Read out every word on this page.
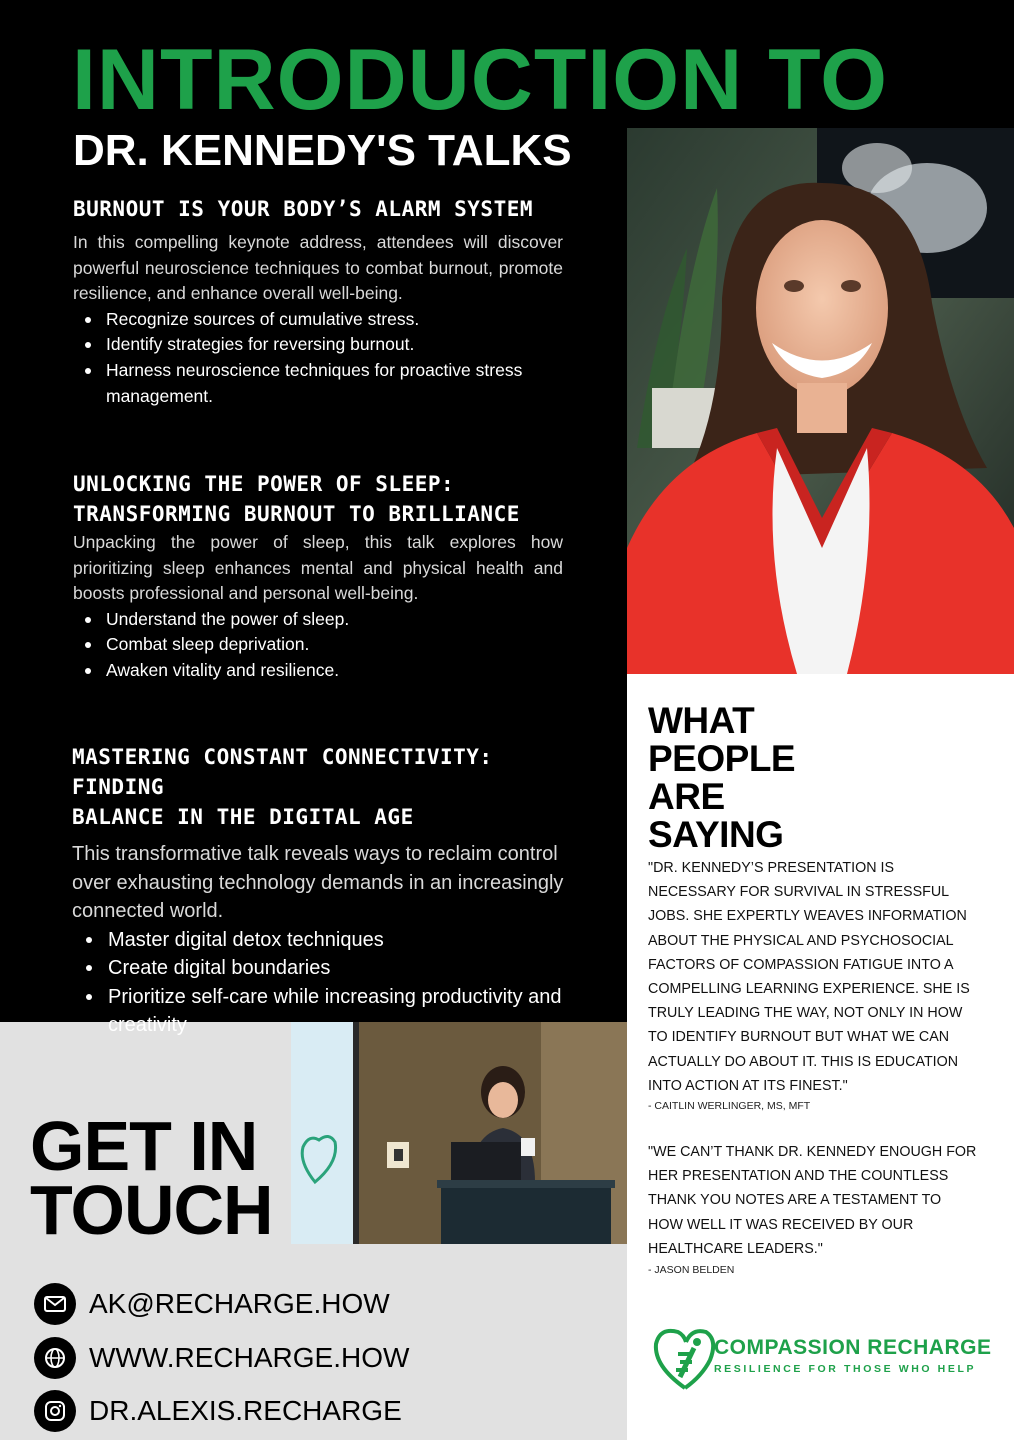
INTRODUCTION TO
DR. KENNEDY'S TALKS

BURNOUT IS YOUR BODY’S ALARM SYSTEM

In this compelling keynote address, attendees will discover powerful neuroscience techniques to combat burnout, promote resilience, and enhance overall well-being.

Recognize sources of cumulative stress.
Identify strategies for reversing burnout.
Harness neuroscience techniques for proactive stress management.

UNLOCKING THE POWER OF SLEEP:

TRANSFORMING BURNOUT TO BRILLIANCE

Unpacking the power of sleep, this talk explores how prioritizing sleep enhances mental and physical health and boosts professional and personal well-being.

Understand the power of sleep.
Combat sleep deprivation.
Awaken vitality and resilience.

MASTERING CONSTANT CONNECTIVITY: FINDING

BALANCE IN THE DIGITAL AGE

This transformative talk reveals ways to reclaim control over exhausting technology demands in an increasingly connected world.

Master digital detox techniques
Create digital boundaries
Prioritize self-care while increasing productivity and creativity
WHAT
PEOPLE
ARE
SAYING
"DR. KENNEDY’S PRESENTATION IS NECESSARY FOR SURVIVAL IN STRESSFUL JOBS. SHE EXPERTLY WEAVES INFORMATION ABOUT THE PHYSICAL AND PSYCHOSOCIAL FACTORS OF COMPASSION FATIGUE INTO A COMPELLING LEARNING EXPERIENCE. SHE IS TRULY LEADING THE WAY, NOT ONLY IN HOW TO IDENTIFY BURNOUT BUT WHAT WE CAN ACTUALLY DO ABOUT IT. THIS IS EDUCATION INTO ACTION AT ITS FINEST."
- CAITLIN WERLINGER, MS, MFT
"WE CAN’T THANK DR. KENNEDY ENOUGH FOR HER PRESENTATION AND THE COUNTLESS THANK YOU NOTES ARE A TESTAMENT TO HOW WELL IT WAS RECEIVED BY OUR HEALTHCARE LEADERS."
- JASON BELDEN
COMPASSION RECHARGE
RESILIENCE FOR THOSE WHO HELP
GET IN
TOUCH
AK@RECHARGE.HOW
WWW.RECHARGE.HOW
DR.ALEXIS.RECHARGE
